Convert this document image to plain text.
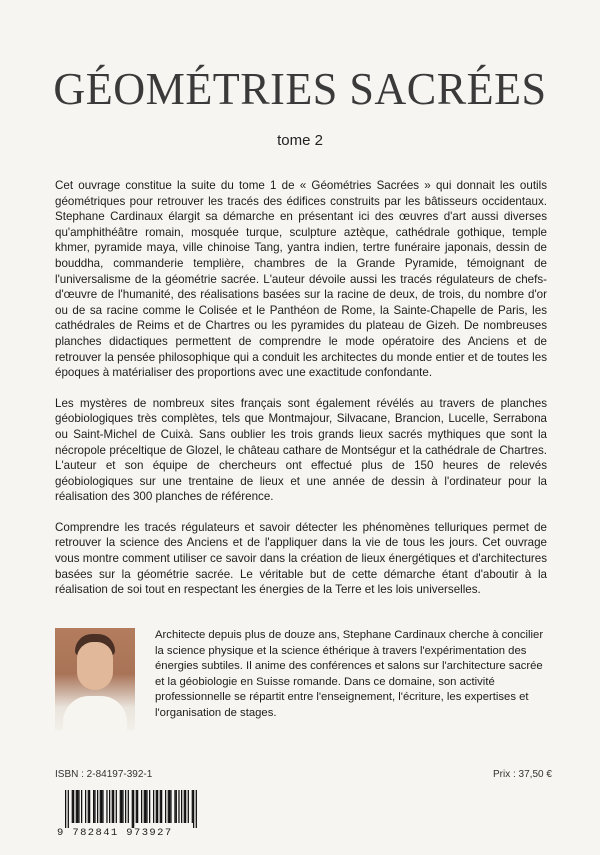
GÉOMÉTRIES SACRÉES
tome 2

Cet ouvrage constitue la suite du tome 1 de « Géométries Sacrées » qui donnait les outils géométriques pour retrouver les tracés des édifices construits par les bâtisseurs occidentaux. Stephane Cardinaux élargit sa démarche en présentant ici des œuvres d'art aussi diverses qu'amphithéâtre romain, mosquée turque, sculpture aztèque, cathédrale gothique, temple khmer, pyramide maya, ville chinoise Tang, yantra indien, tertre funéraire japonais, dessin de bouddha, commanderie templière, chambres de la Grande Pyramide, témoignant de l'universalisme de la géométrie sacrée. L'auteur dévoile aussi les tracés régulateurs de chefs-d'œuvre de l'humanité, des réalisations basées sur la racine de deux, de trois, du nombre d'or ou de sa racine comme le Colisée et le Panthéon de Rome, la Sainte-Chapelle de Paris, les cathédrales de Reims et de Chartres ou les pyramides du plateau de Gizeh. De nombreuses planches didactiques permettent de comprendre le mode opératoire des Anciens et de retrouver la pensée philosophique qui a conduit les architectes du monde entier et de toutes les époques à matérialiser des proportions avec une exactitude confondante.

Les mystères de nombreux sites français sont également révélés au travers de planches géobiologiques très complètes, tels que Montmajour, Silvacane, Brancion, Lucelle, Serrabona ou Saint-Michel de Cuixà. Sans oublier les trois grands lieux sacrés mythiques que sont la nécropole préceltique de Glozel, le château cathare de Montségur et la cathédrale de Chartres. L'auteur et son équipe de chercheurs ont effectué plus de 150 heures de relevés géobiologiques sur une trentaine de lieux et une année de dessin à l'ordinateur pour la réalisation des 300 planches de référence.

Comprendre les tracés régulateurs et savoir détecter les phénomènes telluriques permet de retrouver la science des Anciens et de l'appliquer dans la vie de tous les jours. Cet ouvrage vous montre comment utiliser ce savoir dans la création de lieux énergétiques et d'architectures basées sur la géométrie sacrée. Le véritable but de cette démarche étant d'aboutir à la réalisation de soi tout en respectant les énergies de la Terre et les lois universelles.

Architecte depuis plus de douze ans, Stephane Cardinaux cherche à concilier la science physique et la science éthérique à travers l'expérimentation des énergies subtiles. Il anime des conférences et salons sur l'architecture sacrée et la géobiologie en Suisse romande. Dans ce domaine, son activité professionnelle se répartit entre l'enseignement, l'écriture, les expertises et l'organisation de stages.
ISBN : 2-84197-392-1	Prix : 37,50 €
9 782841 973927
